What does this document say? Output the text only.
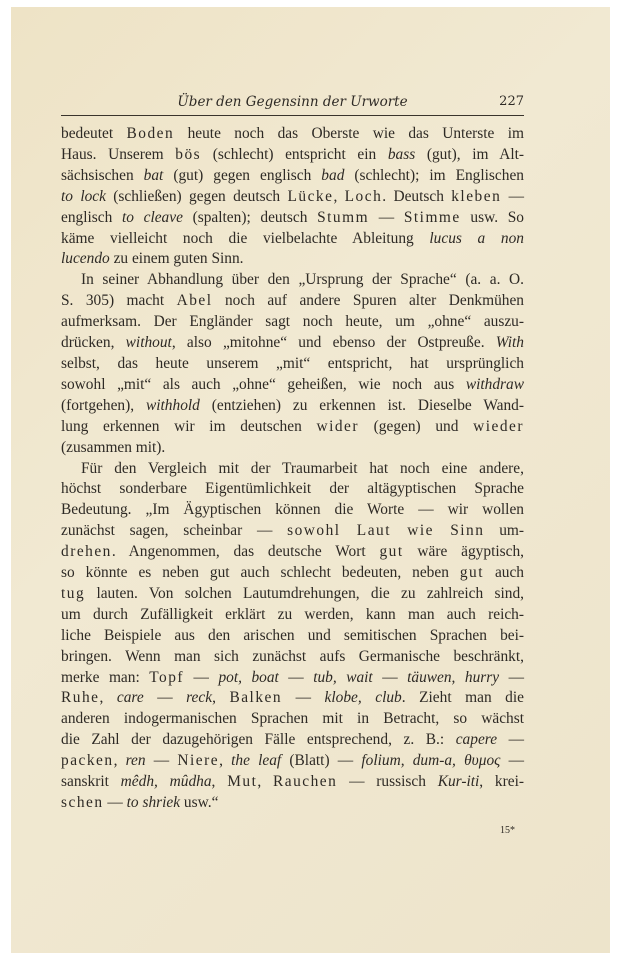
Über den Gegensinn der Urworte	227
bedeutet Boden heute noch das Oberste wie das Unterste im
Haus. Unserem bös (schlecht) entspricht ein bass (gut), im Alt-
sächsischen bat (gut) gegen englisch bad (schlecht); im Englischen
to lock (schließen) gegen deutsch Lücke, Loch. Deutsch kleben —
englisch to cleave (spalten); deutsch Stumm — Stimme usw. So
käme vielleicht noch die vielbelachte Ableitung lucus a non
lucendo zu einem guten Sinn.
In seiner Abhandlung über den „Ursprung der Sprache“ (a. a. O.
S. 305) macht Abel noch auf andere Spuren alter Denkmühen
aufmerksam. Der Engländer sagt noch heute, um „ohne“ auszu-
drücken, without, also „mitohne“ und ebenso der Ostpreuße. With
selbst, das heute unserem „mit“ entspricht, hat ursprünglich
sowohl „mit“ als auch „ohne“ geheißen, wie noch aus withdraw
(fortgehen), withhold (entziehen) zu erkennen ist. Dieselbe Wand-
lung erkennen wir im deutschen wider (gegen) und wieder
(zusammen mit).
Für den Vergleich mit der Traumarbeit hat noch eine andere,
höchst sonderbare Eigentümlichkeit der altägyptischen Sprache
Bedeutung. „Im Ägyptischen können die Worte — wir wollen
zunächst sagen, scheinbar — sowohl Laut wie Sinn um-
drehen. Angenommen, das deutsche Wort gut wäre ägyptisch,
so könnte es neben gut auch schlecht bedeuten, neben gut auch
tug lauten. Von solchen Lautumdrehungen, die zu zahlreich sind,
um durch Zufälligkeit erklärt zu werden, kann man auch reich-
liche Beispiele aus den arischen und semitischen Sprachen bei-
bringen. Wenn man sich zunächst aufs Germanische beschränkt,
merke man: Topf — pot, boat — tub, wait — täuwen, hurry —
Ruhe, care — reck, Balken — klobe, club. Zieht man die
anderen indogermanischen Sprachen mit in Betracht, so wächst
die Zahl der dazugehörigen Fälle entsprechend, z. B.: capere —
packen, ren — Niere, the leaf (Blatt) — folium, dum-a, θυμος —
sanskrit mêdh, mûdha, Mut, Rauchen — russisch Kur-iti, krei-
schen — to shriek usw.“
15*
